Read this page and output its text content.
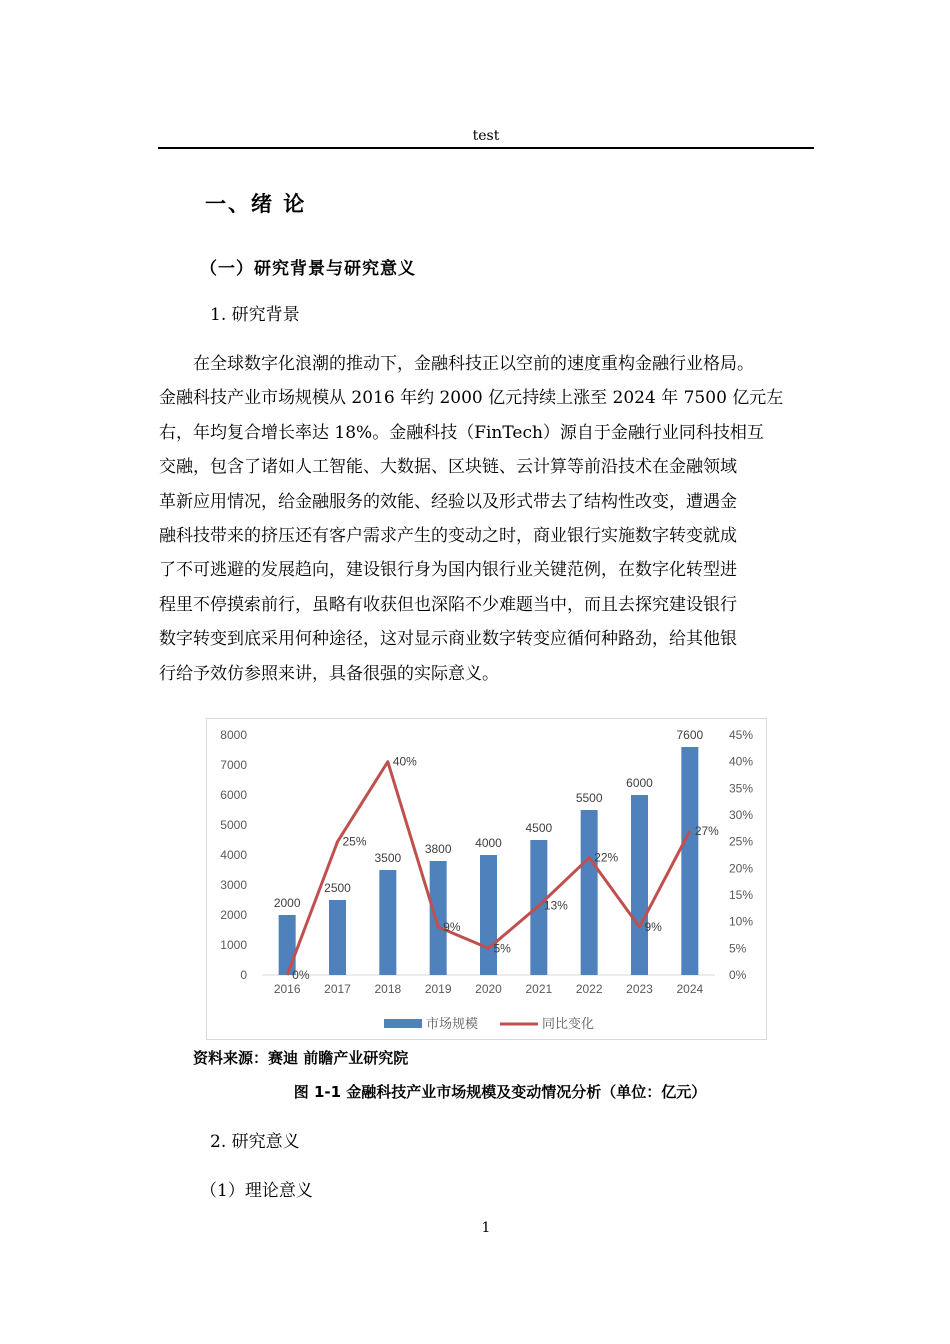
test
一、绪 论
（一）研究背景与研究意义
1. 研究背景

　　在全球数字化浪潮的推动下，金融科技正以空前的速度重构金融行业格局。

金融科技产业市场规模从 2016 年约 2000 亿元持续上涨至 2024 年 7500 亿元左

右，年均复合增长率达 18%。金融科技（FinTech）源自于金融行业同科技相互

交融，包含了诸如人工智能、大数据、区块链、云计算等前沿技术在金融领域

革新应用情况，给金融服务的效能、经验以及形式带去了结构性改变，遭遇金

融科技带来的挤压还有客户需求产生的变动之时，商业银行实施数字转变就成

了不可逃避的发展趋向，建设银行身为国内银行业关键范例，在数字化转型进

程里不停摸索前行，虽略有收获但也深陷不少难题当中，而且去探究建设银行

数字转变到底采用何种途径，这对显示商业数字转变应循何种路劲，给其他银

行给予效仿参照来讲，具备很强的实际意义。

0
1000
2000
3000
4000
5000
6000
7000
8000
0%
5%
10%
15%
20%
25%
30%
35%
40%
45%
2016 2017 2018 2019 2020 2021 2022 2023 2024
2000
2500
3500
3800 4000
4500
5500
6000
7600
0%
25%
40%
9%
5%
13%
22%
9%
27%
市场规模	同比变化
资料来源：赛迪 前瞻产业研究院
图 1-1 金融科技产业市场规模及变动情况分析（单位：亿元）
2. 研究意义
（1）理论意义
1
